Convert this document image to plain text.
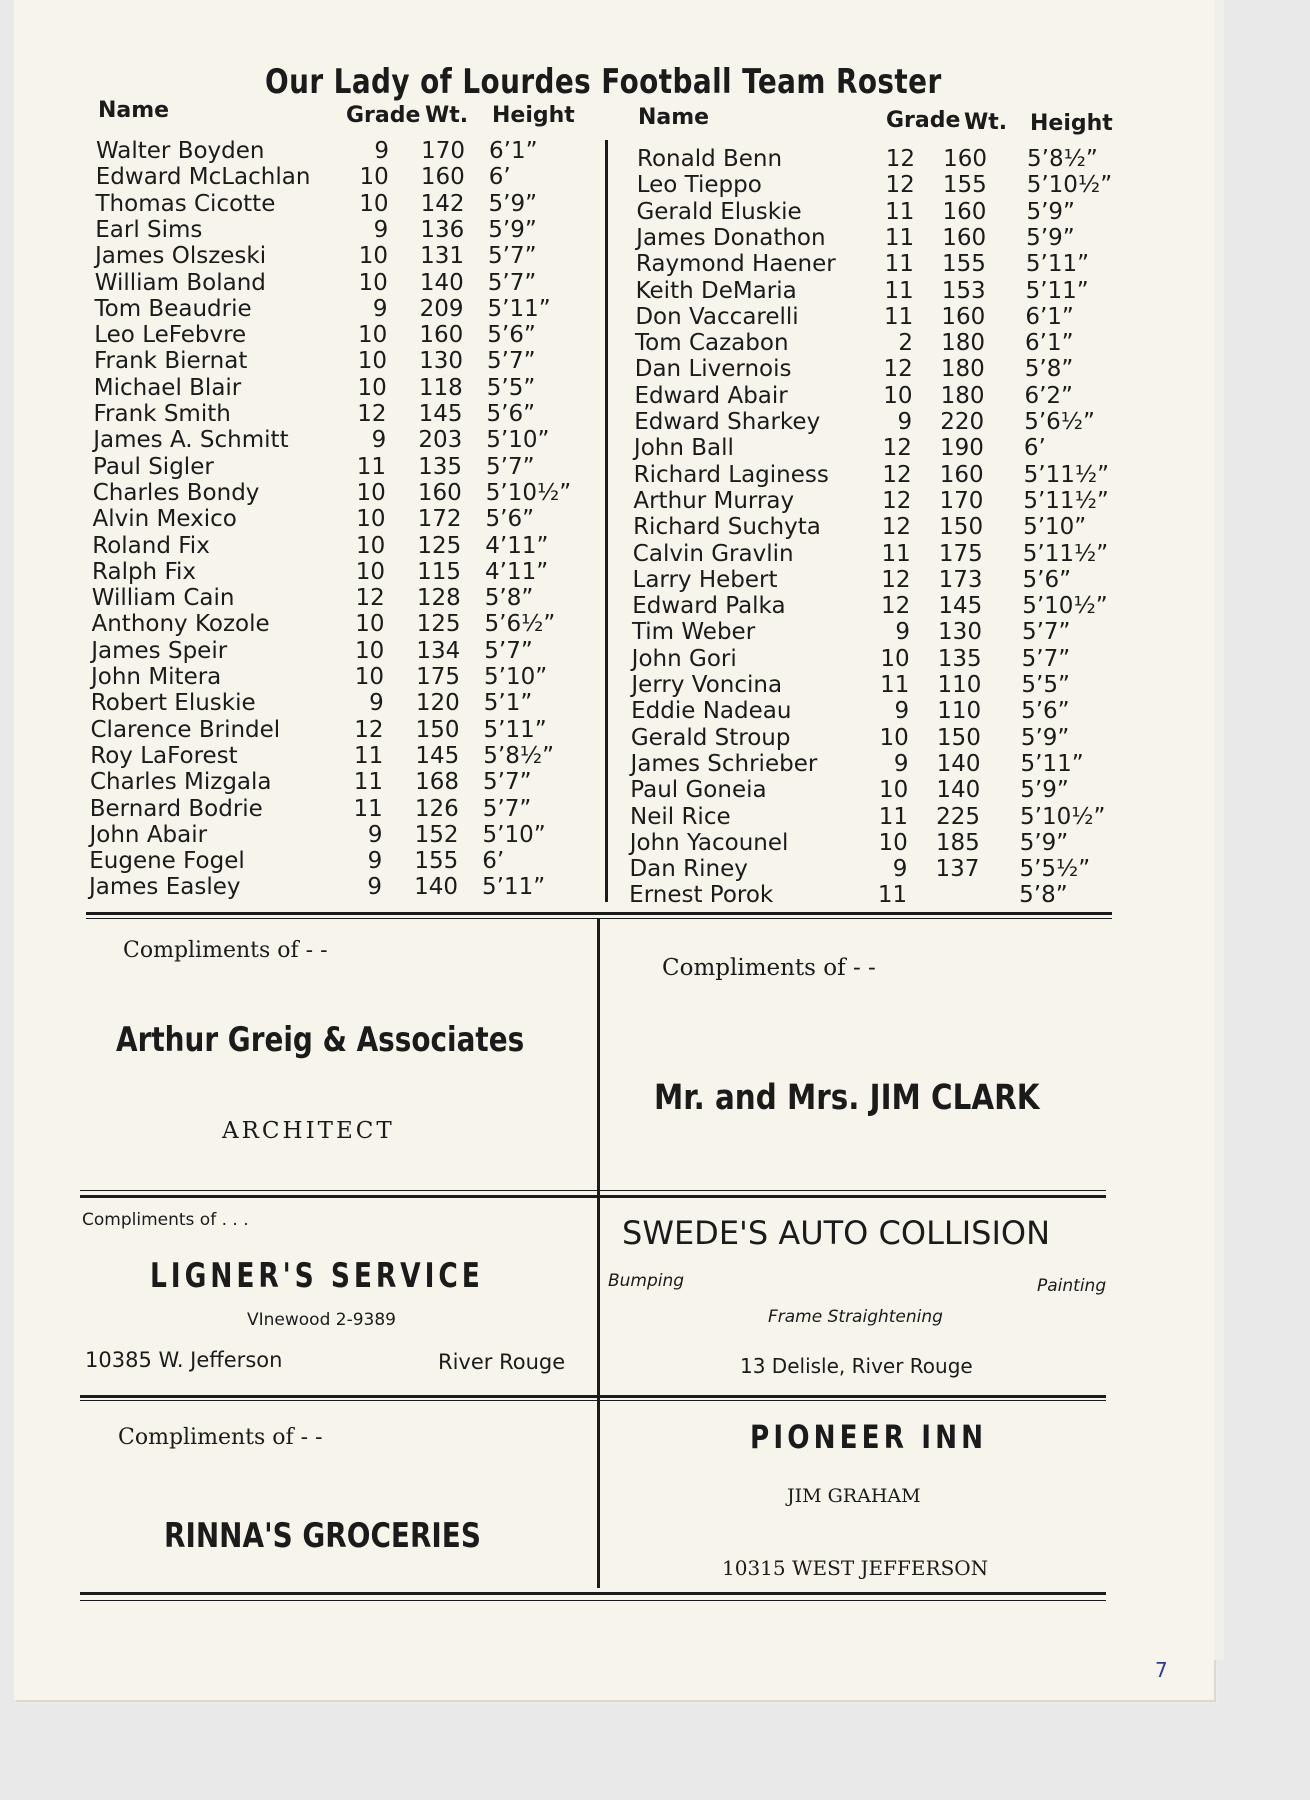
Our Lady of Lourdes Football Team Roster
Name	Grade Wt. Height	Name	Grade Wt. Height
Walter Boyden	9 170 6’1”
Edward McLachlan	10 160 6’
Thomas Cicotte	10 142 5’9”
Earl Sims	9 136 5’9”
James Olszeski	10 131 5’7”
William Boland	10 140 5’7”
Tom Beaudrie	9 209 5’11”
Leo LeFebvre	10 160 5’6”
Frank Biernat	10 130 5’7”
Michael Blair	10 118 5’5”
Frank Smith	12 145 5’6”
James A. Schmitt	9 203 5’10”
Paul Sigler	11 135 5’7”
Charles Bondy	10 160 5’10½”
Alvin Mexico	10 172 5’6”
Roland Fix	10 125 4’11”
Ralph Fix	10 115 4’11”
William Cain	12 128 5’8”
Anthony Kozole	10 125 5’6½”
James Speir	10 134 5’7”
John Mitera	10 175 5’10”
Robert Eluskie	9 120 5’1”
Clarence Brindel	12 150 5’11”
Roy LaForest	11 145 5’8½”
Charles Mizgala	11 168 5’7”
Bernard Bodrie	11 126 5’7”
John Abair	9 152 5’10”
Eugene Fogel	9 155 6’
James Easley	9 140 5’11”
Ronald Benn	12 160 5’8½”
Leo Tieppo	12 155 5’10½”
Gerald Eluskie	11 160 5’9”
James Donathon	11 160 5’9”
Raymond Haener	11 155 5’11”
Keith DeMaria	11 153 5’11”
Don Vaccarelli	11 160 6’1”
Tom Cazabon	2 180 6’1”
Dan Livernois	12 180 5’8”
Edward Abair	10 180 6’2”
Edward Sharkey	9 220 5’6½”
John Ball	12 190 6’
Richard Laginess	12 160 5’11½”
Arthur Murray	12 170 5’11½”
Richard Suchyta	12 150 5’10”
Calvin Gravlin	11 175 5’11½”
Larry Hebert	12 173 5’6”
Edward Palka	12 145 5’10½”
Tim Weber	9 130 5’7”
John Gori	10 135 5’7”
Jerry Voncina	11 110 5’5”
Eddie Nadeau	9 110 5’6”
Gerald Stroup	10 150 5’9”
James Schrieber	9 140 5’11”
Paul Goneia	10 140 5’9”
Neil Rice	11 225 5’10½”
John Yacounel	10 185 5’9”
Dan Riney	9 137 5’5½”
Ernest Porok	11	5’8”
Compliments of - -
Arthur Greig & Associates
ARCHITECT
Compliments of - -
Mr. and Mrs. JIM CLARK
Compliments of . . .
LIGNER'S SERVICE
VInewood 2-9389
10385 W. Jefferson	River Rouge
SWEDE'S AUTO COLLISION
Bumping	Painting
Frame Straightening
13 Delisle, River Rouge
Compliments of - -
RINNA'S GROCERIES
PIONEER INN
JIM GRAHAM
10315 WEST JEFFERSON
7
